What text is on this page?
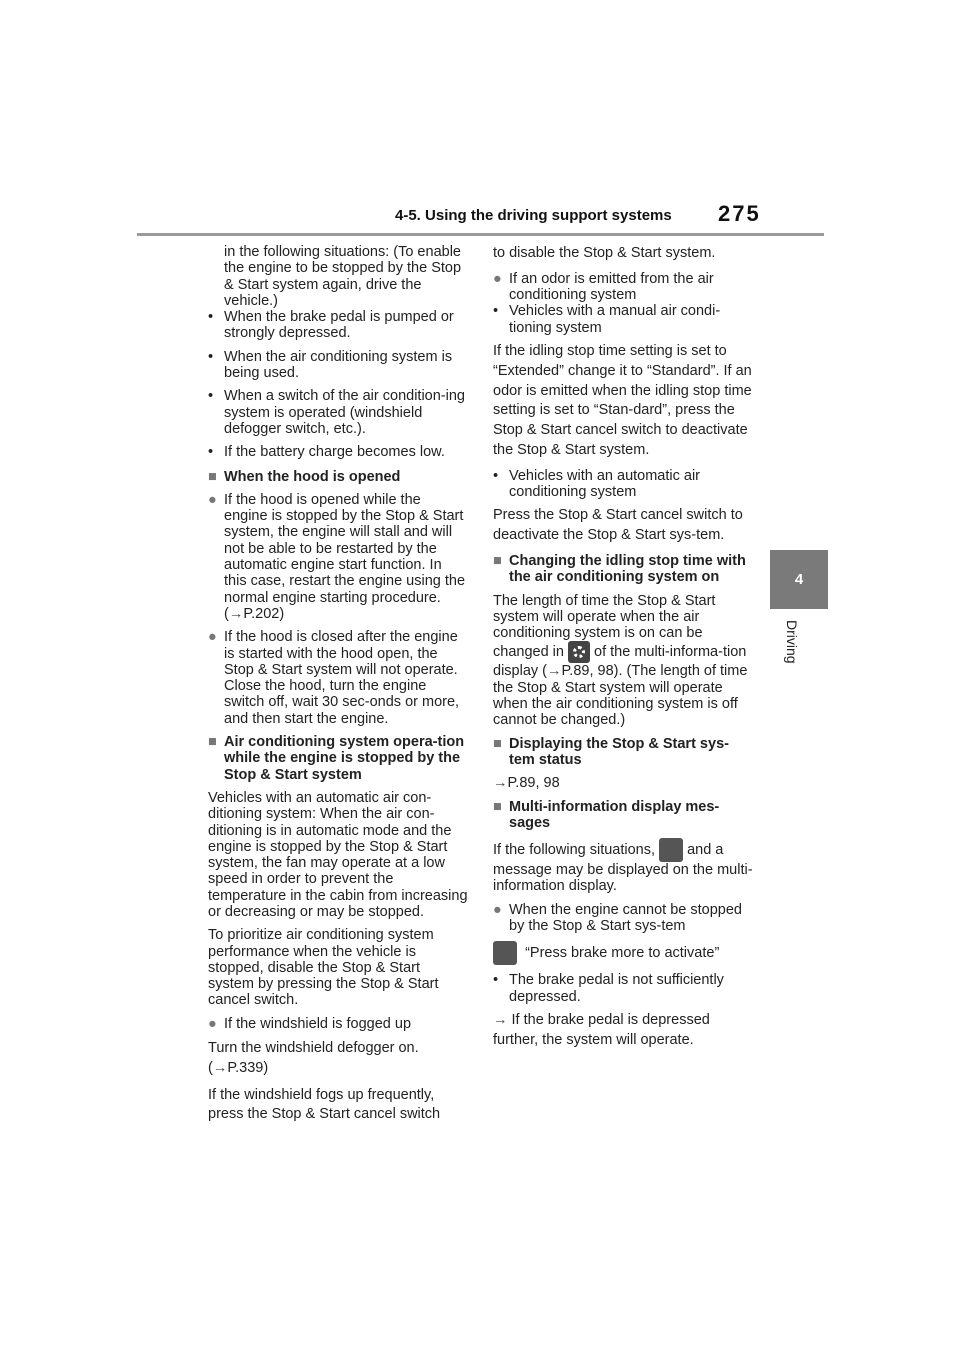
4-5. Using the driving support systems 275
4
Driving
in the following situations: (To enable the engine to be stopped by the Stop & Start system again, drive the vehicle.)

• When the brake pedal is pumped or strongly depressed.

• When the air conditioning system is being used.

• When a switch of the air condition-ing system is operated (windshield defogger switch, etc.).

• If the battery charge becomes low.

■ When the hood is opened

● If the hood is opened while the engine is stopped by the Stop & Start system, the engine will stall and will not be able to be restarted by the automatic engine start function. In this case, restart the engine using the normal engine starting procedure. (→P.202)

● If the hood is closed after the engine is started with the hood open, the Stop & Start system will not operate. Close the hood, turn the engine switch off, wait 30 sec-onds or more, and then start the engine.

■ Air conditioning system opera-tion while the engine is stopped by the Stop & Start system

Vehicles with an automatic air con-ditioning system: When the air con-ditioning is in automatic mode and the engine is stopped by the Stop & Start system, the fan may operate at a low speed in order to prevent the temperature in the cabin from increasing or decreasing or may be stopped.

To prioritize air conditioning system performance when the vehicle is stopped, disable the Stop & Start system by pressing the Stop & Start cancel switch.

● If the windshield is fogged up

Turn the windshield defogger on.
(→P.339)

If the windshield fogs up frequently, press the Stop & Start cancel switch

to disable the Stop & Start system.

● If an odor is emitted from the air conditioning system

• Vehicles with a manual air condi-tioning system

If the idling stop time setting is set to “Extended” change it to “Standard”. If an odor is emitted when the idling stop time setting is set to “Stan-dard”, press the Stop & Start cancel switch to deactivate the Stop & Start system.

• Vehicles with an automatic air conditioning system

Press the Stop & Start cancel switch to deactivate the Stop & Start sys-tem.

■ Changing the idling stop time with the air conditioning system on

The length of time the Stop & Start system will operate when the air conditioning system is on can be

changed in of the multi-informa-tion display (→P.89, 98). (The length of time the Stop & Start system will operate when the air conditioning system is off cannot be changed.)

■ Displaying the Stop & Start sys-tem status

→P.89, 98

■ Multi-information display mes-sages

If the following situations, and a message may be displayed on the multi-information display.

● When the engine cannot be stopped by the Stop & Start sys-tem

“Press brake more to activate”

• The brake pedal is not sufficiently depressed.

→ If the brake pedal is depressed further, the system will operate.
